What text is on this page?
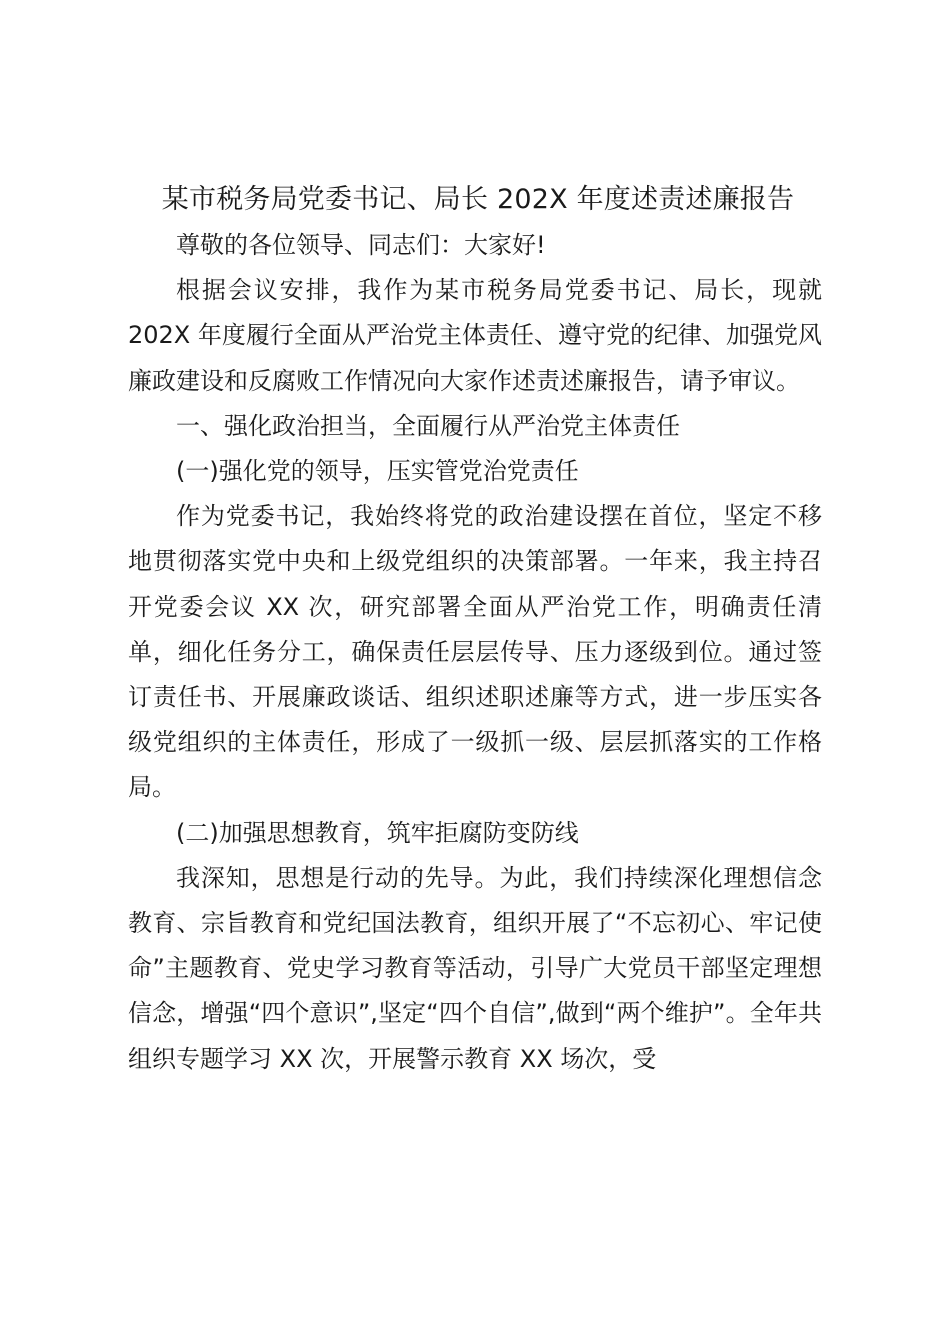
某市税务局党委书记、局长 202X 年度述责述廉报告

尊敬的各位领导、同志们：大家好!

根据会议安排，我作为某市税务局党委书记、局长，现就 202X 年度履行全面从严治党主体责任、遵守党的纪律、加强党风廉政建设和反腐败工作情况向大家作述责述廉报告，请予审议。

一、强化政治担当，全面履行从严治党主体责任

(一)强化党的领导，压实管党治党责任

作为党委书记，我始终将党的政治建设摆在首位，坚定不移地贯彻落实党中央和上级党组织的决策部署。一年来，我主持召开党委会议 XX 次，研究部署全面从严治党工作，明确责任清单，细化任务分工，确保责任层层传导、压力逐级到位。通过签订责任书、开展廉政谈话、组织述职述廉等方式，进一步压实各级党组织的主体责任，形成了一级抓一级、层层抓落实的工作格局。

(二)加强思想教育，筑牢拒腐防变防线

我深知，思想是行动的先导。为此，我们持续深化理想信念教育、宗旨教育和党纪国法教育，组织开展了“不忘初心、牢记使命”主题教育、党史学习教育等活动，引导广大党员干部坚定理想信念，增强“四个意识”,坚定“四个自信”,做到“两个维护”。全年共组织专题学习 XX 次，开展警示教育 XX 场次，受
